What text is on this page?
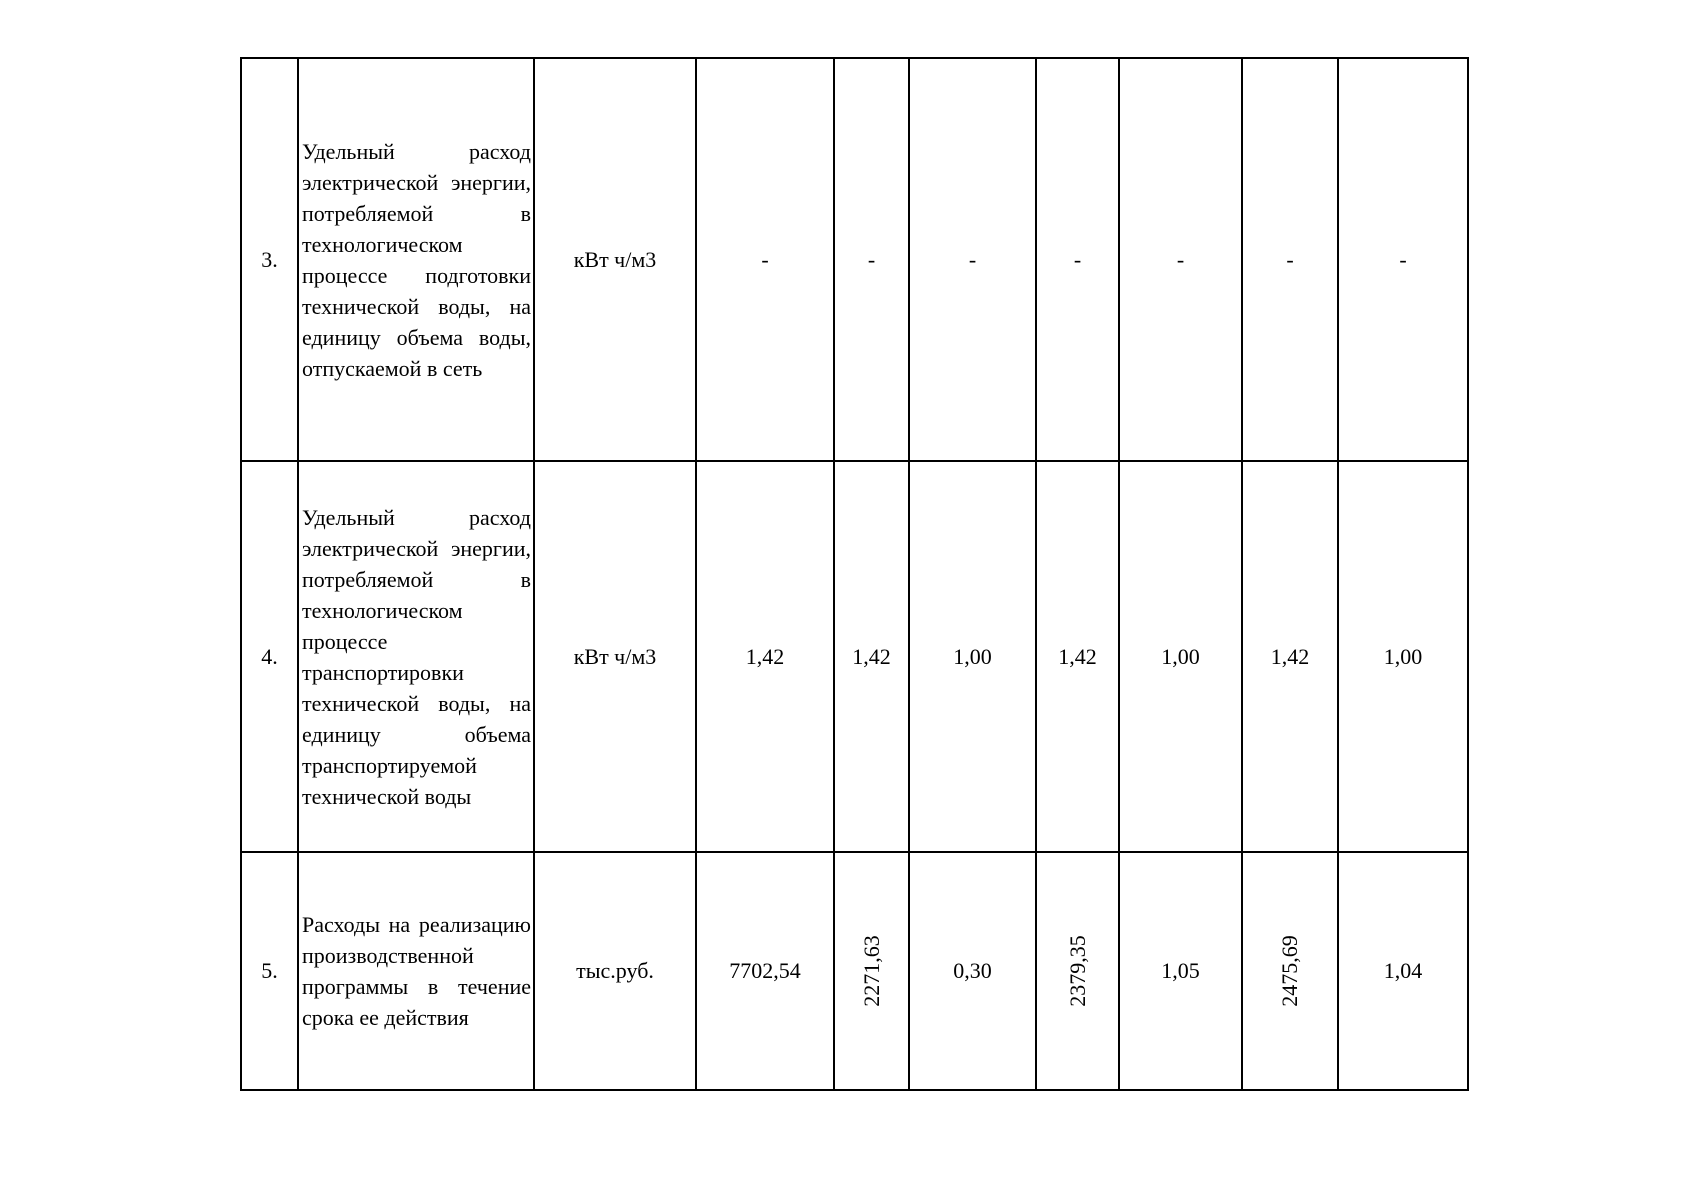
3.	Удельный расход электрической энергии, потребляемой в технологическом процессе подготовки технической воды, на единицу объема воды, отпускаемой в сеть	кВт ч/м3	-	-	-	-	-	-	-
4.	Удельный расход электрической энергии, потребляемой в технологическом процессе транспортировки технической воды, на единицу объема транспортируемой технической воды	кВт ч/м3	1,42	1,42	1,00	1,42	1,00	1,42	1,00
5.	Расходы на реализацию производственной программы в течение срока ее действия	тыс.руб.	7702,54	2271,63	0,30	2379,35	1,05	2475,69	1,04
